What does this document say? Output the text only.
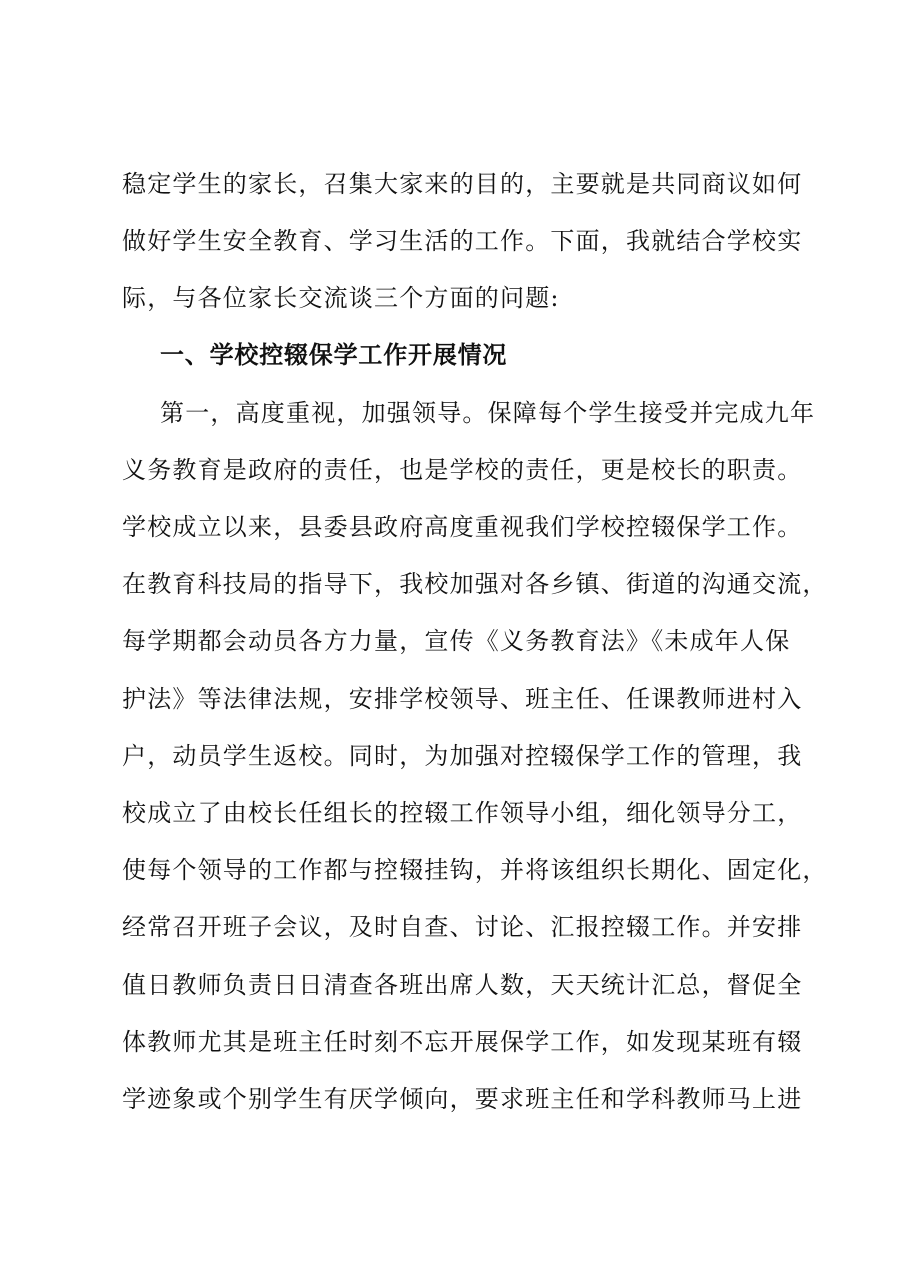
稳定学生的家长，召集大家来的目的，主要就是共同商议如何
做好学生安全教育、学习生活的工作。下面，我就结合学校实
际，与各位家长交流谈三个方面的问题:
一、学校控辍保学工作开展情况
第一，高度重视，加强领导。保障每个学生接受并完成九年
义务教育是政府的责任，也是学校的责任，更是校长的职责。
学校成立以来，县委县政府高度重视我们学校控辍保学工作。
在教育科技局的指导下，我校加强对各乡镇、街道的沟通交流，
每学期都会动员各方力量，宣传《义务教育法》《未成年人保
护法》等法律法规，安排学校领导、班主任、任课教师进村入
户，动员学生返校。同时，为加强对控辍保学工作的管理，我
校成立了由校长任组长的控辍工作领导小组，细化领导分工，
使每个领导的工作都与控辍挂钩，并将该组织长期化、固定化，
经常召开班子会议，及时自查、讨论、汇报控辍工作。并安排
值日教师负责日日清查各班出席人数，天天统计汇总，督促全
体教师尤其是班主任时刻不忘开展保学工作，如发现某班有辍
学迹象或个别学生有厌学倾向，要求班主任和学科教师马上进
